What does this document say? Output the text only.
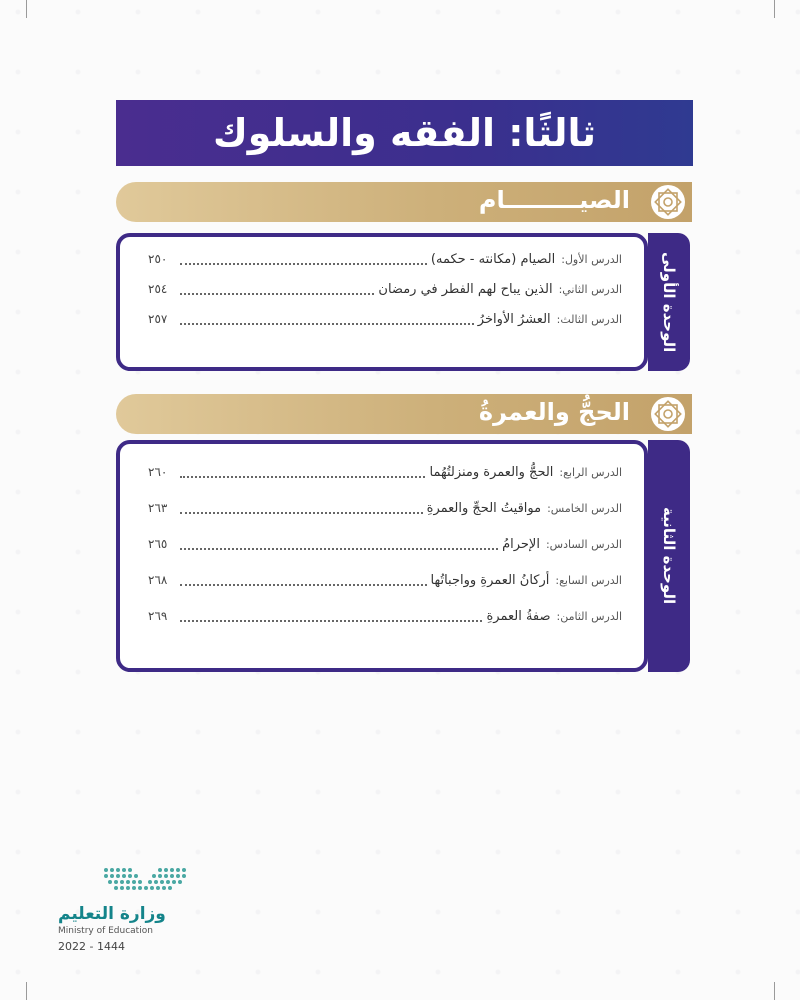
ثالثًا: الفقه والسلوك
الصيـــــــــام
الدرس الأول:
الصيام (مكانته - حكمه)
٢٥٠
الدرس الثاني:
الذين يباح لهم الفطر في رمضان
٢٥٤
الدرس الثالث:
العشرُ الأواخرُ
٢٥٧	الوحدة الأولى
الحجُّ والعمرةُ
الدرس الرابع:
الحجُّ والعمرة ومنزلتُهُما
٢٦٠
الدرس الخامس:
مواقيتُ الحجِّ والعمرةِ
٢٦٣
الدرس السادس:
الإحرامُ
٢٦٥
الدرس السابع:
أركانُ العمرةِ وواجباتُها
٢٦٨
الدرس الثامن:
صفةُ العمرةِ
٢٦٩
الوحدة الثانية
وزارة التعليم
Ministry of Education
2022 - 1444
